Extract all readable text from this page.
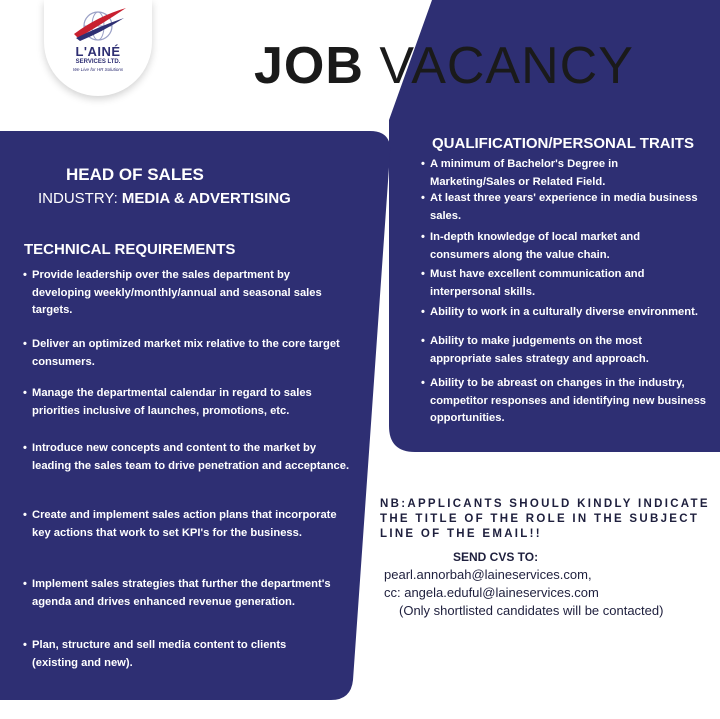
L'AINÉ
SERVICES LTD.
We Live for HR Solutions	JOB VACANCY
HEAD OF SALES
INDUSTRY: MEDIA & ADVERTISING
TECHNICAL REQUIREMENTS
• Provide leadership over the sales department by developing weekly/monthly/annual and seasonal sales targets.
• Deliver an optimized market mix relative to the core target consumers.
• Manage the departmental calendar in regard to sales priorities inclusive of launches, promotions, etc.
• Introduce new concepts and content to the market by leading the sales team to drive penetration and acceptance.
• Create and implement sales action plans that incorporate key actions that work to set KPI's for the business.
• Implement sales strategies that further the department's agenda and drives enhanced revenue generation.
• Plan, structure and sell media content to clients (existing and new).
QUALIFICATION/PERSONAL TRAITS
• A minimum of Bachelor's Degree in Marketing/Sales or Related Field.
• At least three years' experience in media business sales.
• In-depth knowledge of local market and consumers along the value chain.
• Must have excellent communication and interpersonal skills.
• Ability to work in a culturally diverse environment.
• Ability to make judgements on the most appropriate sales strategy and approach.
• Ability to be abreast on changes in the industry, competitor responses and identifying new business opportunities.
NB:APPLICANTS SHOULD KINDLY INDICATE THE TITLE OF THE ROLE IN THE SUBJECT LINE OF THE EMAIL!!
SEND CVS TO:
pearl.annorbah@laineservices.com,
cc: angela.eduful@laineservices.com
(Only shortlisted candidates will be contacted)
